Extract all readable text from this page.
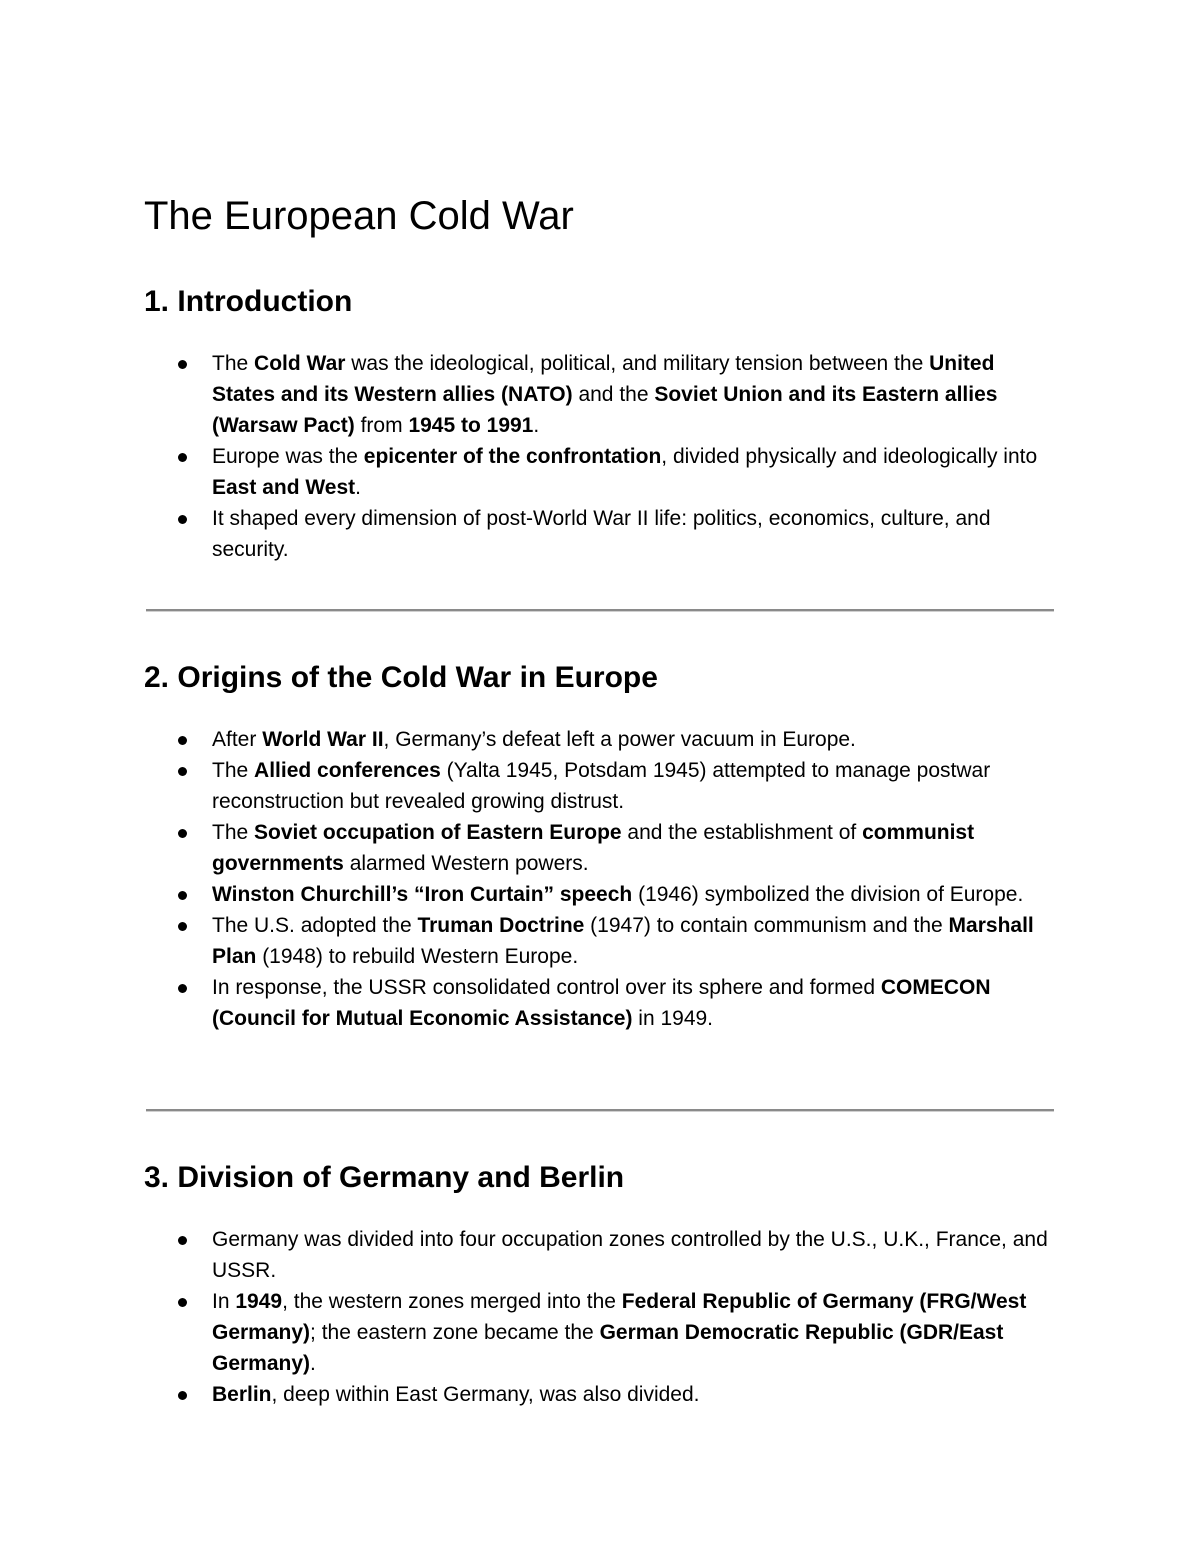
The European Cold War
1. Introduction
The Cold War was the ideological, political, and military tension between the United States and its Western allies (NATO) and the Soviet Union and its Eastern allies (Warsaw Pact) from 1945 to 1991.
Europe was the epicenter of the confrontation, divided physically and ideologically into East and West.
It shaped every dimension of post-World War II life: politics, economics, culture, and security.
2. Origins of the Cold War in Europe
After World War II, Germany’s defeat left a power vacuum in Europe.
The Allied conferences (Yalta 1945, Potsdam 1945) attempted to manage postwar reconstruction but revealed growing distrust.
The Soviet occupation of Eastern Europe and the establishment of communist governments alarmed Western powers.
Winston Churchill’s “Iron Curtain” speech (1946) symbolized the division of Europe.
The U.S. adopted the Truman Doctrine (1947) to contain communism and the Marshall Plan (1948) to rebuild Western Europe.
In response, the USSR consolidated control over its sphere and formed COMECON (Council for Mutual Economic Assistance) in 1949.
3. Division of Germany and Berlin
Germany was divided into four occupation zones controlled by the U.S., U.K., France, and USSR.
In 1949, the western zones merged into the Federal Republic of Germany (FRG/West Germany); the eastern zone became the German Democratic Republic (GDR/East Germany).
Berlin, deep within East Germany, was also divided.
